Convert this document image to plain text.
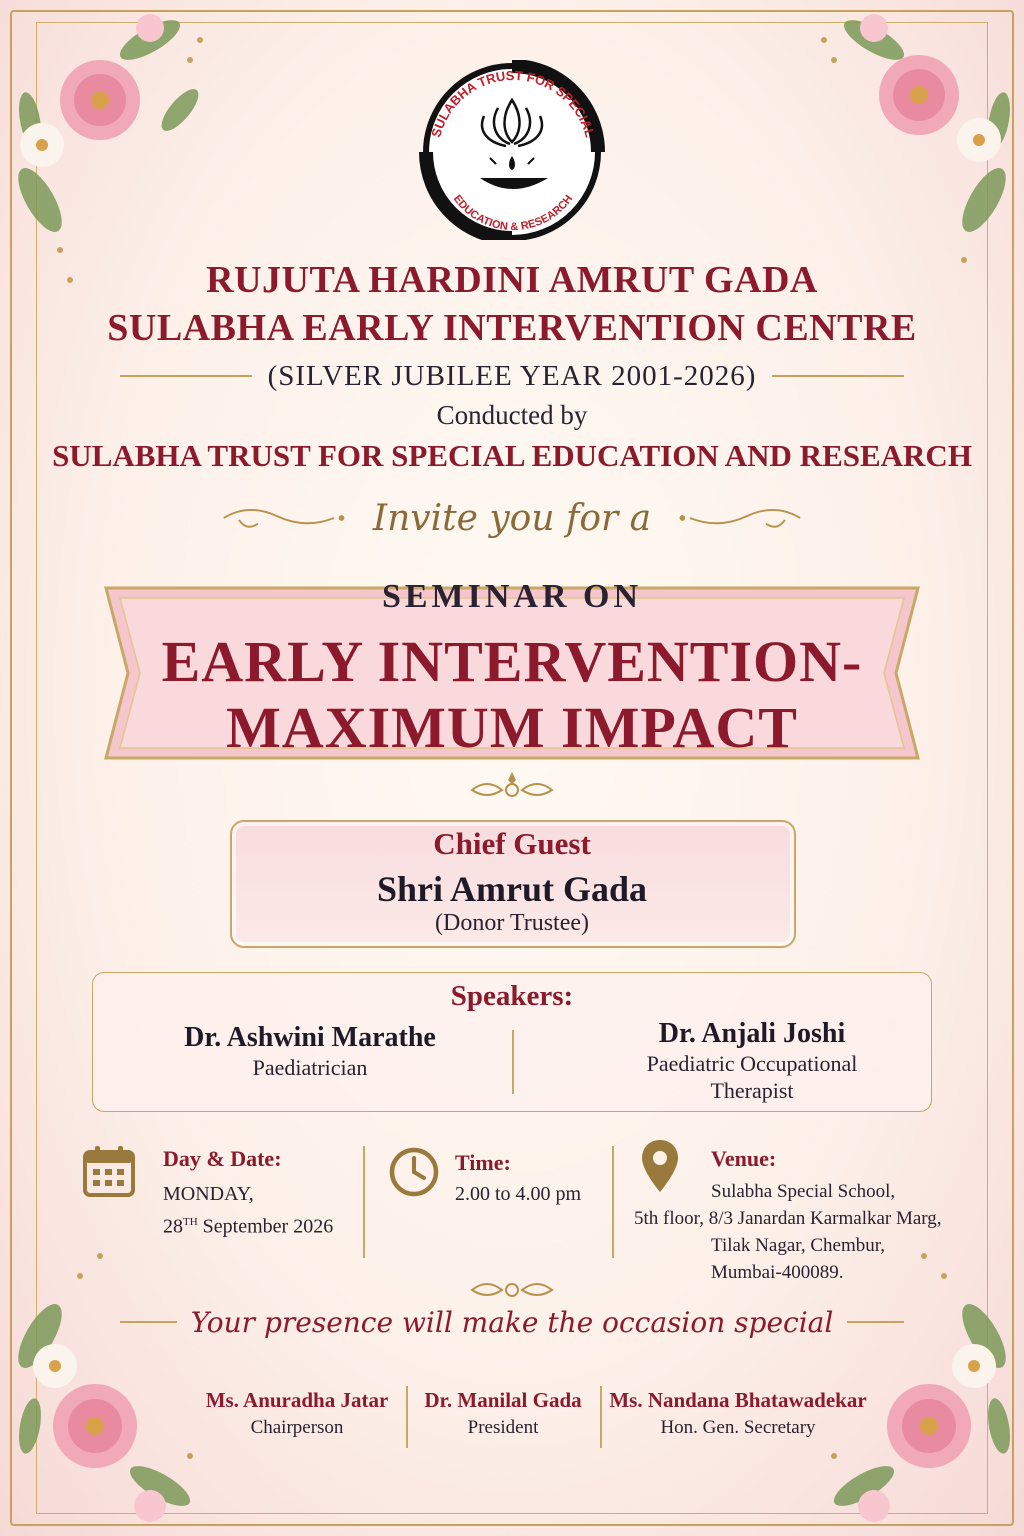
SULABHA TRUST FOR SPECIAL
EDUCATION & RESEARCH
RUJUTA HARDINI AMRUT GADA
SULABHA EARLY INTERVENTION CENTRE
(SILVER JUBILEE YEAR 2001-2026)
Conducted by
SULABHA TRUST FOR SPECIAL EDUCATION AND RESEARCH
Invite you for a
SEMINAR ON
EARLY INTERVENTION-
MAXIMUM IMPACT
Chief Guest
Shri Amrut Gada
(Donor Trustee)
Speakers:
Dr. Ashwini Marathe
Paediatrician
Dr. Anjali Joshi
Paediatric Occupational
Therapist
Day & Date:
MONDAY,
28TH September 2026
Time:
2.00 to 4.00 pm
Venue:
Sulabha Special School,
5th floor, 8/3 Janardan Karmalkar Marg,
Tilak Nagar, Chembur,
Mumbai-400089.
Your presence will make the occasion special
Ms. Anuradha Jatar
Chairperson
Dr. Manilal Gada
President
Ms. Nandana Bhatawadekar
Hon. Gen. Secretary
